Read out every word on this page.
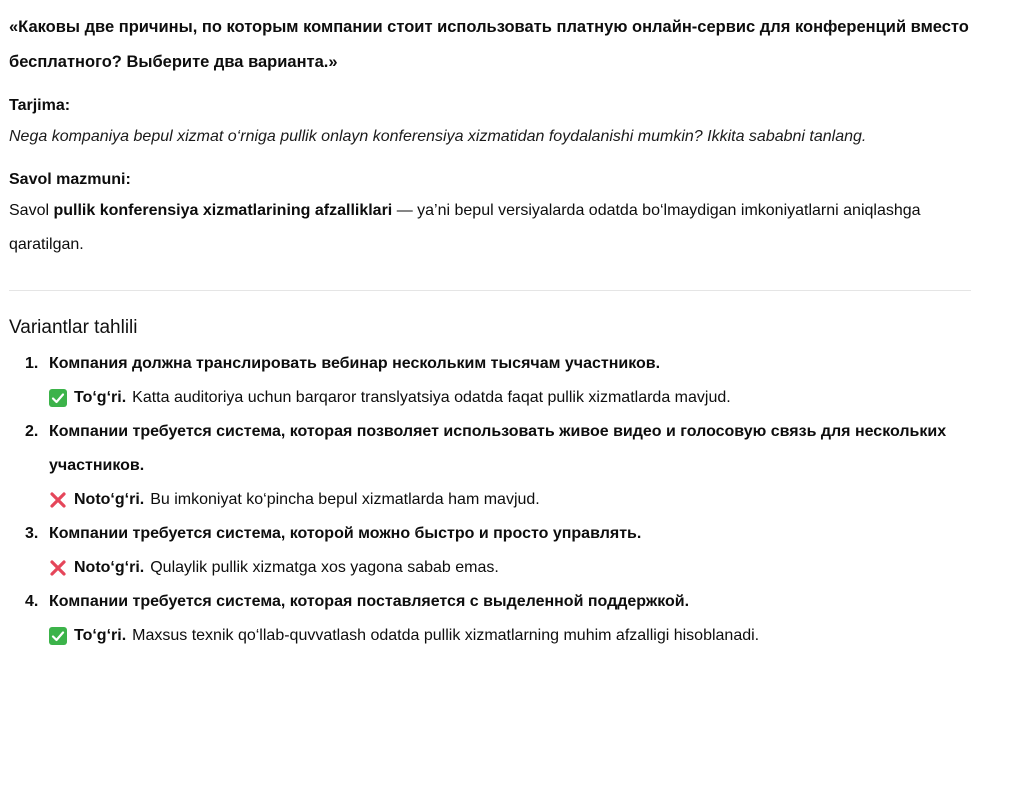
«Каковы две причины, по которым компании стоит использовать платную онлайн-сервис для конференций вместо бесплатного? Выберите два варианта.»

Tarjima:

Nega kompaniya bepul xizmat o‘rniga pullik onlayn konferensiya xizmatidan foydalanishi mumkin? Ikkita sababni tanlang.

Savol mazmuni:

Savol pullik konferensiya xizmatlarining afzalliklari — ya’ni bepul versiyalarda odatda bo‘lmaydigan imkoniyatlarni aniqlashga qaratilgan.

Variantlar tahlili
1. Компания должна транслировать вебинар нескольким тысячам участников.
To‘g‘ri. Katta auditoriya uchun barqaror translyatsiya odatda faqat pullik xizmatlarda mavjud.
2. Компании требуется система, которая позволяет использовать живое видео и голосовую связь для нескольких участников.
Noto‘g‘ri. Bu imkoniyat ko‘pincha bepul xizmatlarda ham mavjud.
3. Компании требуется система, которой можно быстро и просто управлять.
Noto‘g‘ri. Qulaylik pullik xizmatga xos yagona sabab emas.
4. Компании требуется система, которая поставляется с выделенной поддержкой.
To‘g‘ri. Maxsus texnik qo‘llab-quvvatlash odatda pullik xizmatlarning muhim afzalligi hisoblanadi.
